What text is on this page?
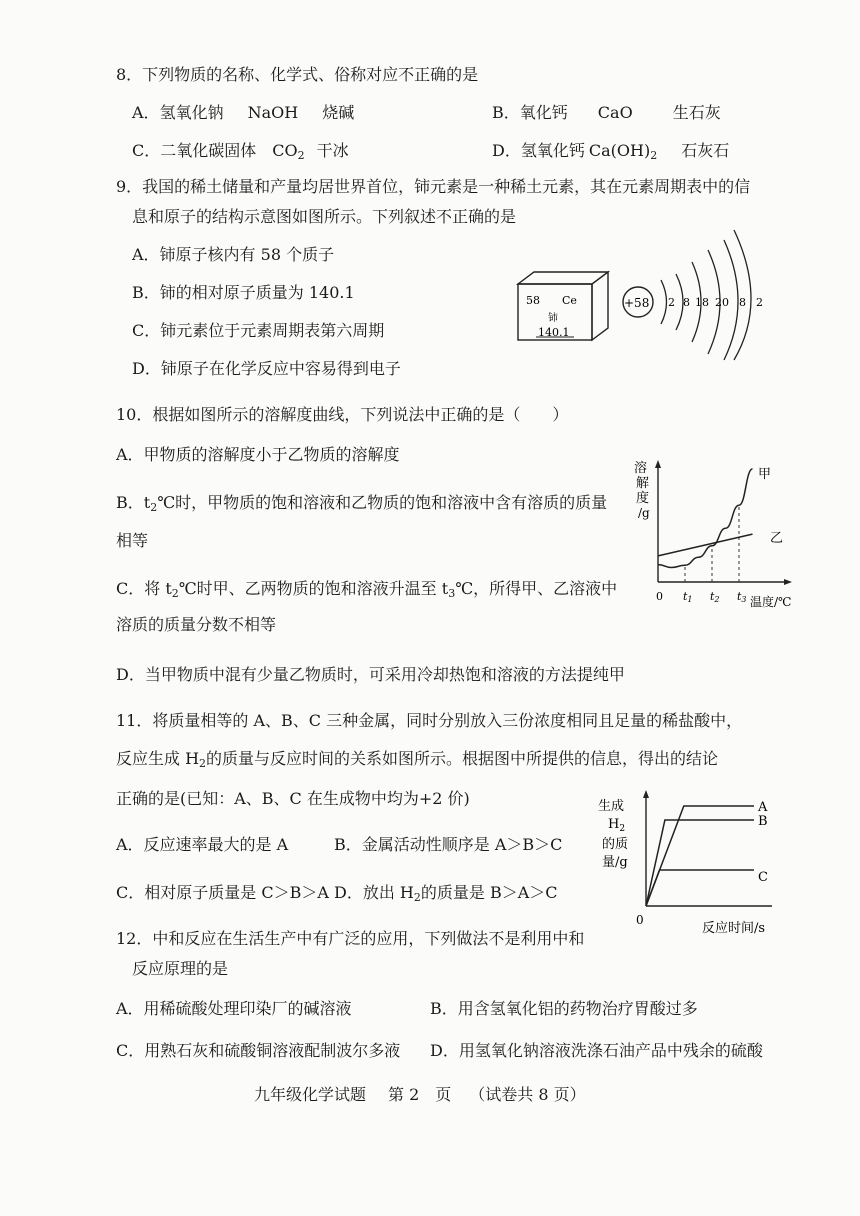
8．下列物质的名称、化学式、俗称对应不正确的是
A．氢氧化钠 NaOH 烧碱	B．氧化钙 CaO	生石灰
C．二氧化碳固体 $CO_2$ 干冰	D．氢氧化钙 $Ca(OH)_2$ 石灰石
9．我国的稀土储量和产量均居世界首位，铈元素是一种稀土元素，其在元素周期表中的信
息和原子的结构示意图如图所示。下列叙述不正确的是
A．铈原子核内有 58 个质子
B．铈的相对原子质量为 140.1
C．铈元素位于元素周期表第六周期
D．铈原子在化学反应中容易得到电子
58 Ce
铈
140.1
+58 2 8 18 20 8 2
10．根据如图所示的溶解度曲线，下列说法中正确的是（　　）
A．甲物质的溶解度小于乙物质的溶解度
B．$t_2℃$时，甲物质的饱和溶液和乙物质的饱和溶液中含有溶质的质量
相等
C．将 $t_2℃$时甲、乙两物质的饱和溶液升温至 $t_3℃$，所得甲、乙溶液中
溶质的质量分数不相等
D．当甲物质中混有少量乙物质时，可采用冷却热饱和溶液的方法提纯甲
溶
解
度
/g
0 t1 t2 t3 温度/℃
甲
乙
11．将质量相等的 A、B、C 三种金属，同时分别放入三份浓度相同且足量的稀盐酸中，
反应生成 $H_2$的质量与反应时间的关系如图所示。根据图中所提供的信息，得出的结论
正确的是(已知：A、B、C 在生成物中均为+2 价)
A．反应速率最大的是 A	B．金属活动性顺序是 A＞B＞C
C．相对原子质量是 C＞B＞A D．放出 $H_2$的质量是 B＞A＞C
生成
$H_2$
的质
量/g
0
反应时间/s
A
B
C
12．中和反应在生活生产中有广泛的应用，下列做法不是利用中和
反应原理的是
A．用稀硫酸处理印染厂的碱溶液	B．用含氢氧化铝的药物治疗胃酸过多
C．用熟石灰和硫酸铜溶液配制波尔多液 D．用氢氧化钠溶液洗涤石油产品中残余的硫酸
九年级化学试题 第 2　页 （试卷共 8 页）
